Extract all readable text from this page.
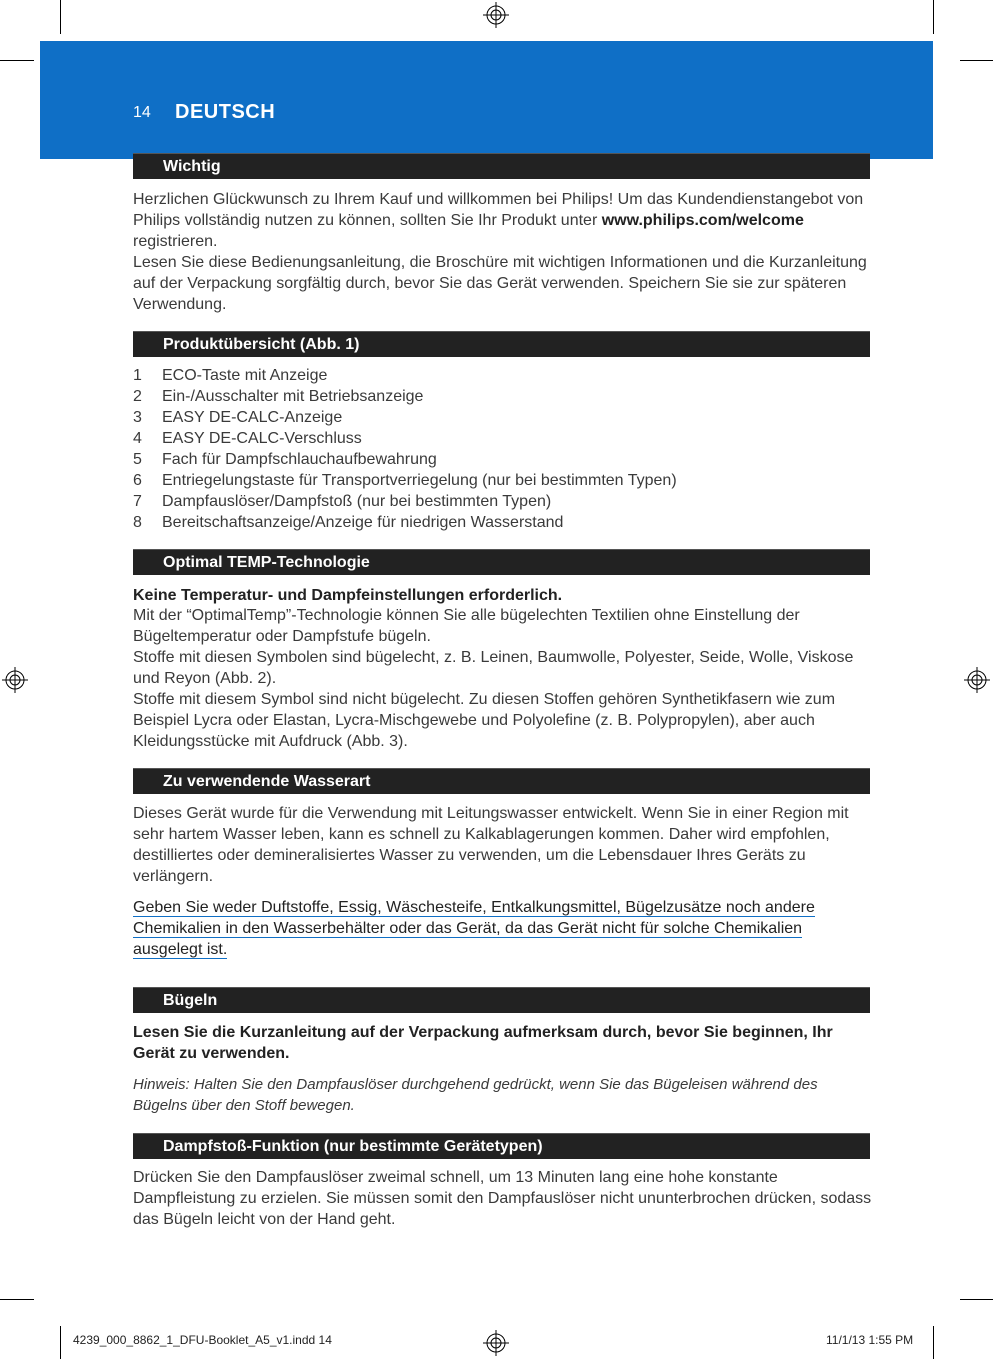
14 DEUTSCH
Wichtig

Herzlichen Glückwunsch zu Ihrem Kauf und willkommen bei Philips! Um das Kundendienstangebot von Philips vollständig nutzen zu können, sollten Sie Ihr Produkt unter www.philips.com/welcome registrieren.

Lesen Sie diese Bedienungsanleitung, die Broschüre mit wichtigen Informationen und die Kurzanleitung auf der Verpackung sorgfältig durch, bevor Sie das Gerät verwenden. Speichern Sie sie zur späteren Verwendung.

Produktübersicht (Abb. 1)
1	ECO-Taste mit Anzeige
2	Ein-/Ausschalter mit Betriebsanzeige
3	EASY DE-CALC-Anzeige
4	EASY DE-CALC-Verschluss
5	Fach für Dampfschlauchaufbewahrung
6	Entriegelungstaste für Transportverriegelung (nur bei bestimmten Typen)
7	Dampfauslöser/Dampfstoß (nur bei bestimmten Typen)
8	Bereitschaftsanzeige/Anzeige für niedrigen Wasserstand
Optimal TEMP-Technologie

Keine Temperatur- und Dampfeinstellungen erforderlich.

Mit der “OptimalTemp”-Technologie können Sie alle bügelechten Textilien ohne Einstellung der Bügeltemperatur oder Dampfstufe bügeln.

Stoffe mit diesen Symbolen sind bügelecht, z. B. Leinen, Baumwolle, Polyester, Seide, Wolle, Viskose und Reyon (Abb. 2).

Stoffe mit diesem Symbol sind nicht bügelecht. Zu diesen Stoffen gehören Synthetikfasern wie zum Beispiel Lycra oder Elastan, Lycra-Mischgewebe und Polyolefine (z. B. Polypropylen), aber auch Kleidungsstücke mit Aufdruck (Abb. 3).

Zu verwendende Wasserart

Dieses Gerät wurde für die Verwendung mit Leitungswasser entwickelt. Wenn Sie in einer Region mit sehr hartem Wasser leben, kann es schnell zu Kalkablagerungen kommen. Daher wird empfohlen, destilliertes oder demineralisiertes Wasser zu verwenden, um die Lebensdauer Ihres Geräts zu verlängern.

Geben Sie weder Duftstoffe, Essig, Wäschesteife, Entkalkungsmittel, Bügelzusätze noch andere Chemikalien in den Wasserbehälter oder das Gerät, da das Gerät nicht für solche Chemikalien ausgelegt ist.

Bügeln

Lesen Sie die Kurzanleitung auf der Verpackung aufmerksam durch, bevor Sie beginnen, Ihr Gerät zu verwenden.

Hinweis: Halten Sie den Dampfauslöser durchgehend gedrückt, wenn Sie das Bügeleisen während des Bügelns über den Stoff bewegen.

Dampfstoß-Funktion (nur bestimmte Gerätetypen)

Drücken Sie den Dampfauslöser zweimal schnell, um 13 Minuten lang eine hohe konstante Dampfleistung zu erzielen. Sie müssen somit den Dampfauslöser nicht ununterbrochen drücken, sodass das Bügeln leicht von der Hand geht.

4239_000_8862_1_DFU-Booklet_A5_v1.indd 14	11/1/13 1:55 PM
